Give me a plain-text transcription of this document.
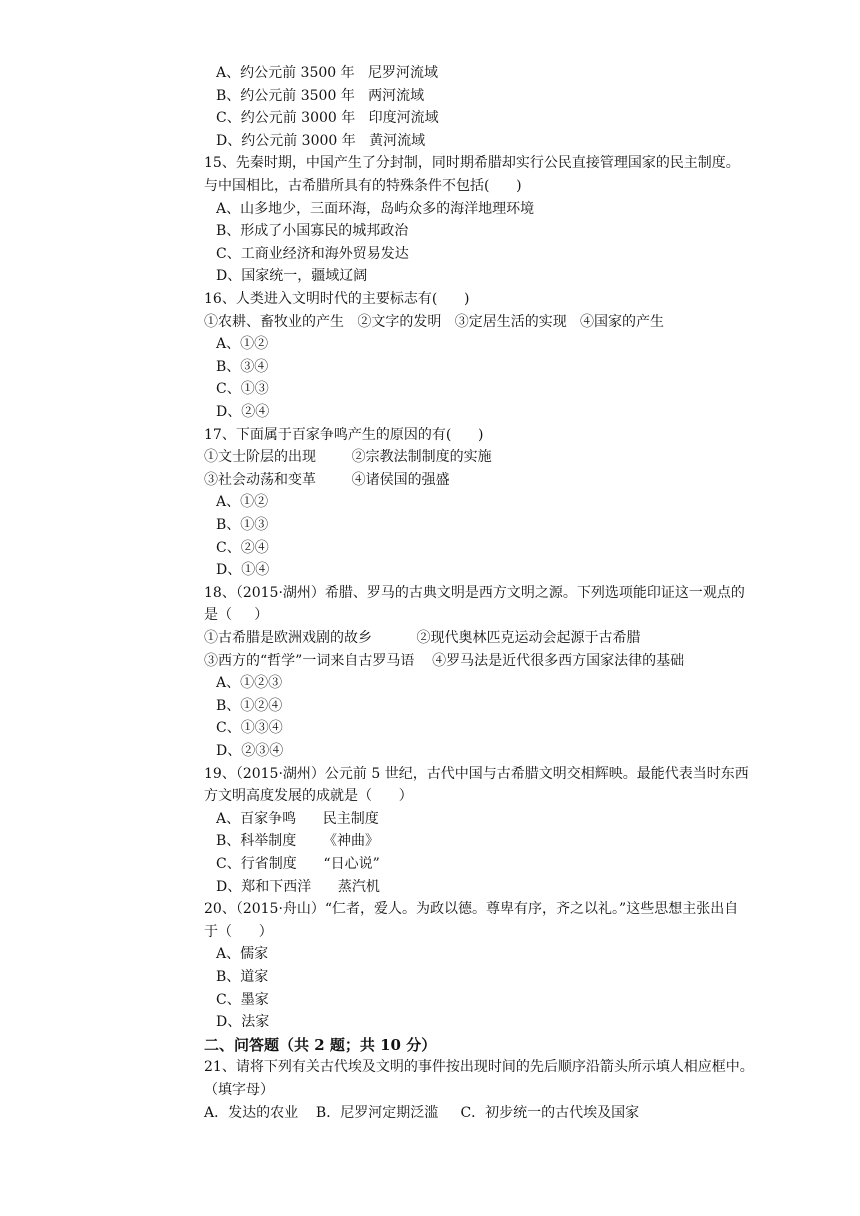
A、约公元前 3500 年   尼罗河流域
B、约公元前 3500 年   两河流域
C、约公元前 3000 年   印度河流域
D、约公元前 3000 年   黄河流域
15、先秦时期，中国产生了分封制，同时期希腊却实行公民直接管理国家的民主制度。
与中国相比，古希腊所具有的特殊条件不包括(      )
A、山多地少，三面环海，岛屿众多的海洋地理环境
B、形成了小国寡民的城邦政治
C、工商业经济和海外贸易发达
D、国家统一，疆域辽阔
16、人类进入文明时代的主要标志有(      )
①农耕、畜牧业的产生   ②文字的发明   ③定居生活的实现   ④国家的产生
A、①②
B、③④
C、①③
D、②④
17、下面属于百家争鸣产生的原因的有(      )
①文士阶层的出现        ②宗教法制制度的实施
③社会动荡和变革        ④诸侯国的强盛
A、①②
B、①③
C、②④
D、①④
18、（2015·湖州）希腊、罗马的古典文明是西方文明之源。下列选项能印证这一观点的
是（     ）
①古希腊是欧洲戏剧的故乡          ②现代奥林匹克运动会起源于古希腊
③西方的“哲学”一词来自古罗马语    ④罗马法是近代很多西方国家法律的基础
A、①②③
B、①②④
C、①③④
D、②③④
19、（2015·湖州）公元前 5 世纪，古代中国与古希腊文明交相辉映。最能代表当时东西
方文明高度发展的成就是（      ）
A、百家争鸣      民主制度
B、科举制度      《神曲》
C、行省制度      “日心说”
D、郑和下西洋      蒸汽机
20、（2015·舟山）“仁者，爱人。为政以德。尊卑有序，齐之以礼。”这些思想主张出自
于（      ）
A、儒家
B、道家
C、墨家
D、法家
二、问答题（共 2 题；共 10 分）
21、请将下列有关古代埃及文明的事件按出现时间的先后顺序沿箭头所示填人相应框中。
（填字母）
A．发达的农业    B．尼罗河定期泛滥     C．初步统一的古代埃及国家
